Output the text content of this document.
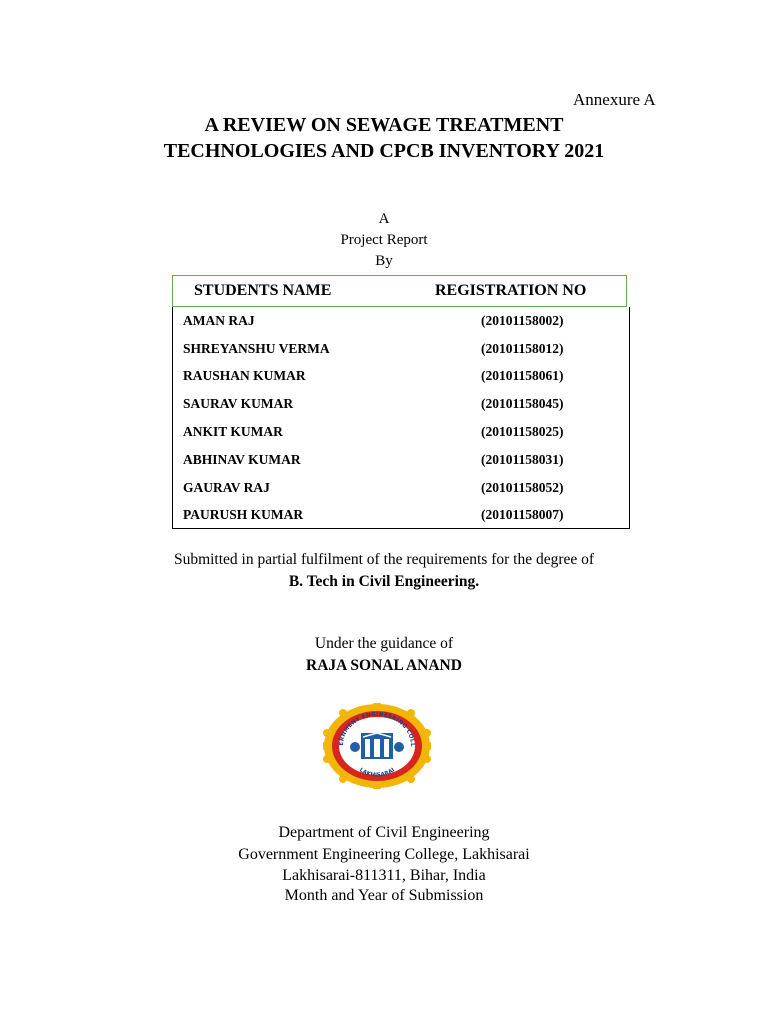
Annexure A
A REVIEW ON SEWAGE TREATMENT
TECHNOLOGIES AND CPCB INVENTORY 2021
A
Project Report
By
STUDENTS NAME	REGISTRATION NO
AMAN RAJ	(20101158002)
SHREYANSHU VERMA	(20101158012)
RAUSHAN KUMAR	(20101158061)
SAURAV KUMAR	(20101158045)
ANKIT KUMAR	(20101158025)
ABHINAV KUMAR	(20101158031)
GAURAV RAJ	(20101158052)
PAURUSH KUMAR	(20101158007)
Submitted in partial fulfilment of the requirements for the degree of
B. Tech in Civil Engineering.
Under the guidance of
RAJA SONAL ANAND
ERNMENT ENGINEERING COLL
LAKHISARAI
Department of Civil Engineering
Government Engineering College, Lakhisarai
Lakhisarai-811311, Bihar, India
Month and Year of Submission
